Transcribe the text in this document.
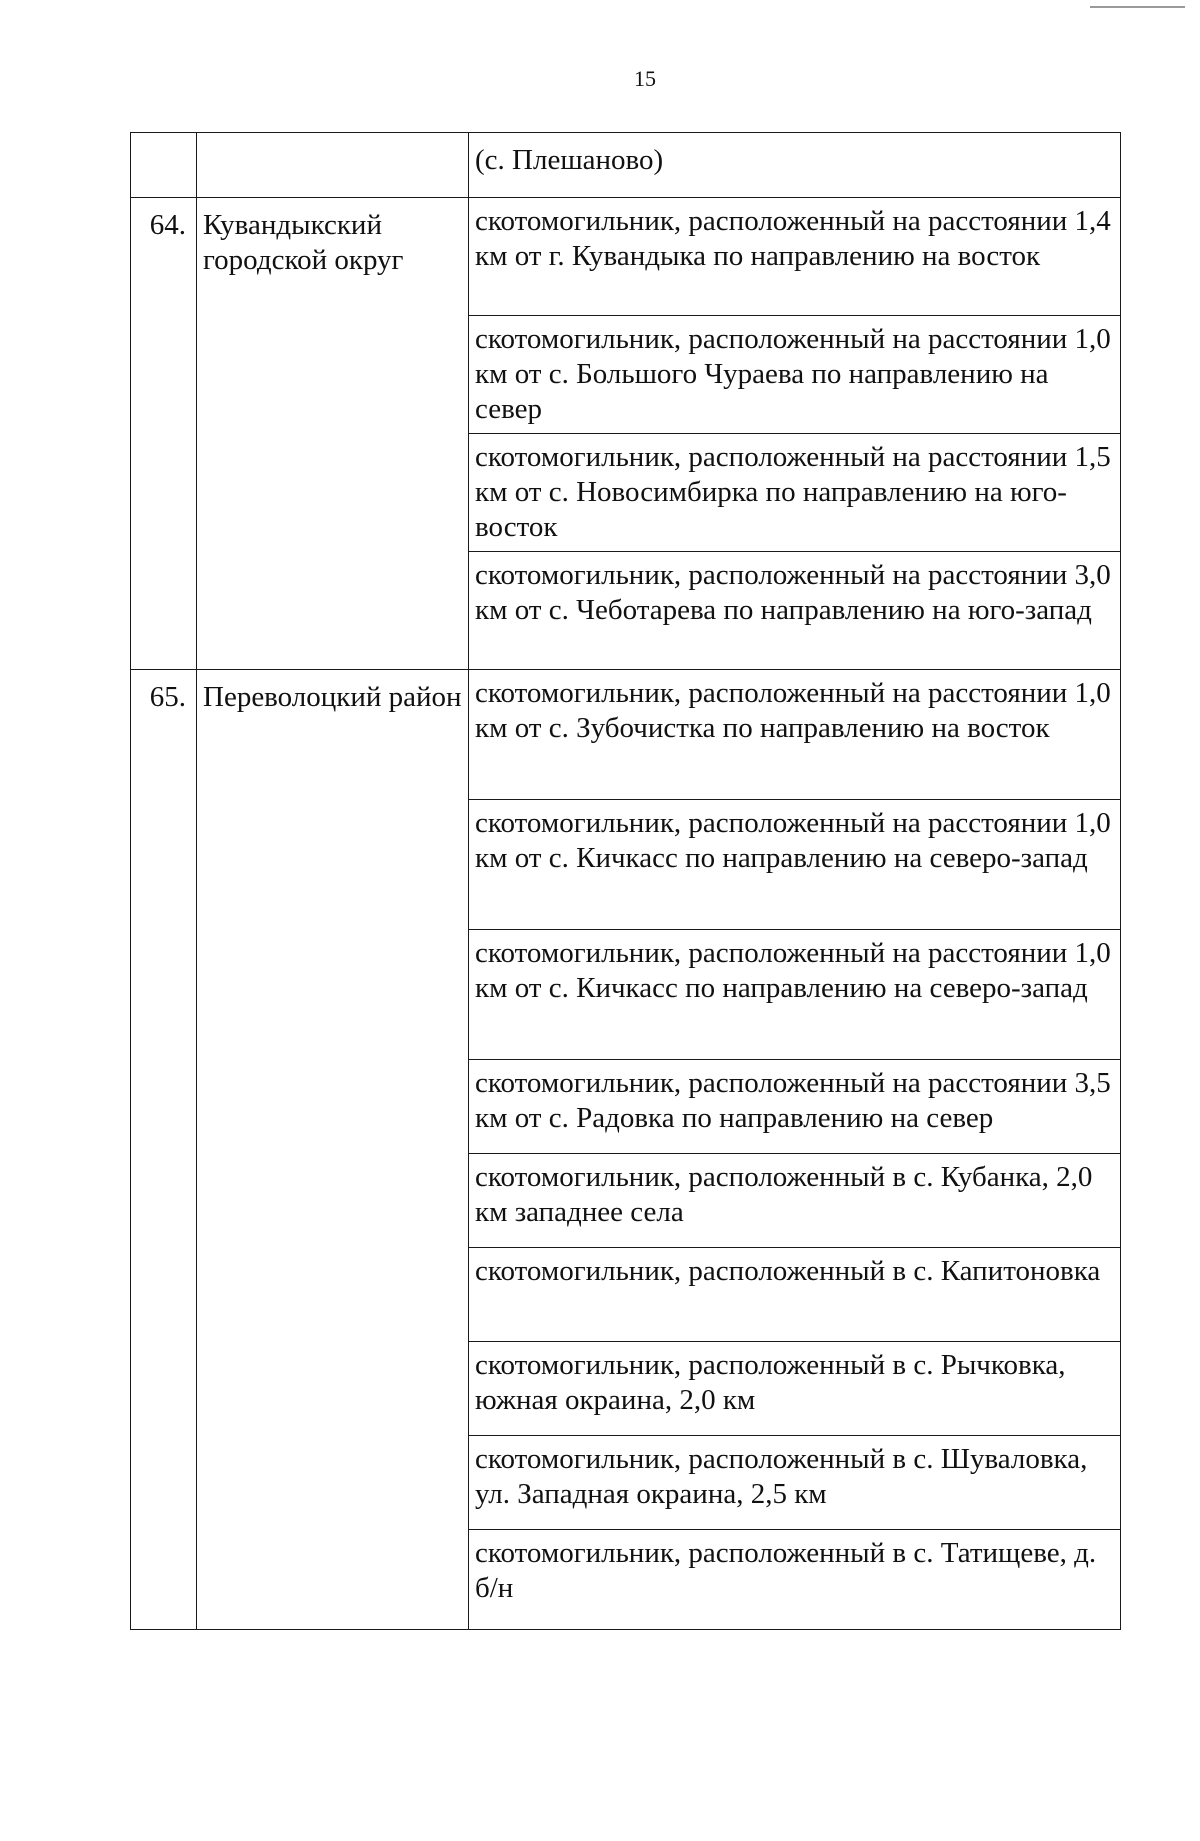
15
		(с. Плешаново)
64.	Кувандыкский городской округ	скотомогильник, расположенный на расстоянии 1,4 км от г. Кувандыка по направлению на восток
		скотомогильник, расположенный на расстоянии 1,0 км от с. Большого Чураева по направлению на север
		скотомогильник, расположенный на расстоянии 1,5 км от с. Новосимбирка по направлению на юго-восток
		скотомогильник, расположенный на расстоянии 3,0 км от с. Чеботарева по направлению на юго-запад
65.	Переволоцкий район	скотомогильник, расположенный на расстоянии 1,0 км от с. Зубочистка по направлению на восток
		скотомогильник, расположенный на расстоянии 1,0 км от с. Кичкасс по направлению на северо-запад
		скотомогильник, расположенный на расстоянии 1,0 км от с. Кичкасс по направлению на северо-запад
		скотомогильник, расположенный на расстоянии 3,5 км от с. Радовка по направлению на север
		скотомогильник, расположенный в с. Кубанка, 2,0 км западнее села
		скотомогильник, расположенный в с. Капитоновка
		скотомогильник, расположенный в с. Рычковка, южная окраина, 2,0 км
		скотомогильник, расположенный в с. Шуваловка, ул. Западная окраина, 2,5 км
		скотомогильник, расположенный в с. Татищеве, д. б/н
